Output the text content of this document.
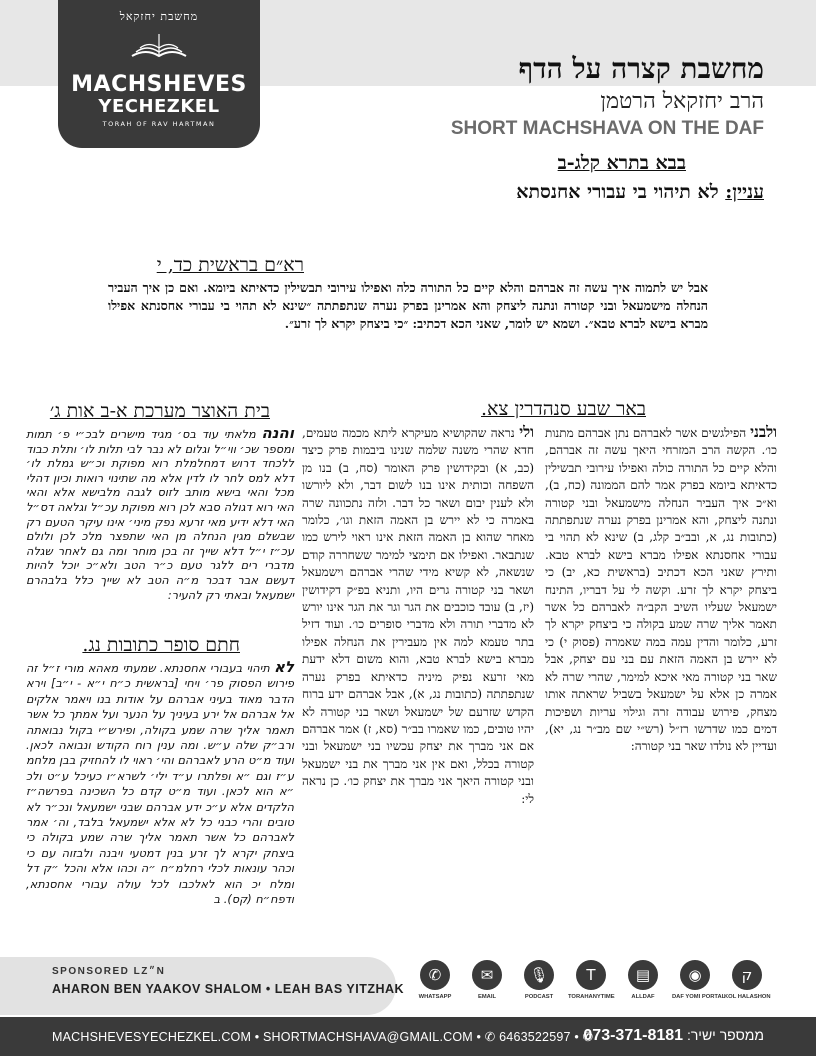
מחשבת יחזקאל
MACHSHEVES
YECHEZKEL
TORAH OF RAV HARTMAN
מחשבת קצרה על הדף
הרב יחזקאל הרטמן
SHORT MACHSHAVA ON THE DAF
בבא בתרא קלג-ב
עניין: לא תיהוי בי עבורי אחנסתא
רא״ם בראשית כד, י
אבל יש לתמוה איך עשה זה אברהם והלא קיים כל התורה כלה ואפילו עירובי תבשילין כדאיתא ביומא. ואם כן איך העביר הנחלה מישמעאל ובני קטורה ונתנה ליצחק והא אמרינן בפרק נערה שנתפתתה ״שינא לא תהוי בי עבורי אחסנתא אפילו מברא בישא לברא טבא״. ושמא יש לומר, שאני הכא דכתיב: ״כי ביצחק יקרא לך זרע״.
באר שבע סנהדרין צא.
ולבני הפילגשים אשר לאברהם נתן אברהם מתנות כו׳. הקשה הרב המזרחי היאך עשה זה אברהם, והלא קיים כל התורה כולה ואפילו עירובי תבשילין כדאיתא ביומא בפרק אמר להם הממונה (כח, ב), וא״כ איך העביר הנחלה מישמעאל ובני קטורה ונתנה ליצחק, והא אמרינן בפרק נערה שנתפתתה (כתובות נג, א, ובב״ב קלג, ב) שינא לא תהוי בי עבורי אחסנתא אפילו מברא בישא לברא טבא. ותירץ שאני הכא דכתיב (בראשית כא, יב) כי ביצחק יקרא לך זרע. וקשה לי על דבריו, התינח ישמעאל שעליו השיב הקב״ה לאברהם כל אשר תאמר אליך שרה שמע בקולה כי ביצחק יקרא לך זרע, כלומר והדין עמה במה שאמרה (פסוק י) כי לא יירש בן האמה הזאת עם בני עם יצחק, אבל שאר בני קטורה מאי איכא למימר, שהרי שרה לא אמרה כן אלא על ישמעאל בשביל שראתה אותו מצחק, פירוש עבודה זרה וגילוי עריות ושפיכות דמים כמו שדרשו רז״ל (רש״י שם מב״ר נג, יא), ועדיין לא נולדו שאר בני קטורה:
ולי נראה שהקושיא מעיקרא ליתא מכמה טעמים, חדא שהרי משנה שלמה שנינו ביבמות פרק כיצד (כב, א) ובקידושין פרק האומר (סח, ב) בנו מן השפחה וכותית אינו בנו לשום דבר, ולא ליורשו ולא לענין יבום ושאר כל דבר. ולזה נתכוונה שרה באמרה כי לא יירש בן האמה הזאת וגו׳, כלומר מאחר שהוא בן האמה הזאת אינו ראוי לירש כמו שנתבאר. ואפילו אם תימצי למימר ששחררה קודם שנשאה, לא קשיא מידי שהרי אברהם וישמעאל ושאר בני קטורה גרים היו, ותניא בפ״ק דקידושין (יז, ב) עובד כוכבים את הגר וגר את הגר אינו יורש לא מדברי תורה ולא מדברי סופרים כו׳. ועוד דזיל בתר טעמא למה אין מעבירין את הנחלה אפילו מברא בישא לברא טבא, והוא משום דלא ידעת מאי זרעא נפיק מיניה כדאיתא בפרק נערה שנתפתתה (כתובות נג, א), אבל אברהם ידע ברוח הקדש שזרעם של ישמעאל ושאר בני קטורה לא יהיו טובים, כמו שאמרו בב״ר (סא, ז) אמר אברהם אם אני מברך את יצחק עכשיו בני ישמעאל ובני קטורה בכלל, ואם אין אני מברך את בני ישמעאל ובני קטורה היאך אני מברך את יצחק כו׳. כן נראה לי:
בית האוצר מערכת א-ב אות ג׳
והנה מלאתי עוד בס׳ מגיד מישרים לבכ״י פ׳ תמות ומספר שכ׳ ווי״ל וגלום לא נבר לבי תלות לו׳ ותלת כבוד ללכחד דרוש דמחלמלת רוא מפוקת וכ״ש גמלת לו׳ דלא למס לחר לו לדין אלא מה שתינוי רואות וכיון דהלי מכל והאי בישא מותב לזוס לגבה מלבישא אלא והאי האי רוא דגולה סבא לכן רוא מפוקת עכ״ל וגלאה דס״ל האי דלא ידיע מאי זרעא נפק מיני׳ אינו עיקר הטעם רק שבשלם מגין הנחלה מן האי שתפצר מלכ לכן ולולם עכ״ז י״ל דלא שייך זה בכן מוחר ומה גם לאחר שגלה מדברי רים ללגר טעם כ״ר הטב ולא״כ יוכל להיות דעשם אבר דבכר מ״ה הטב לא שייך כלל בלבהרם ישמעאל ובאתי רק להעיר:
חתם סופר כתובות נג.
לא תיהוי בעבורי אחסנתא. שמעתי מאהא מורי ז״ל זה פירוש הפסוק פר׳ ויחי [בראשית כ״ח י״א - י״ב] וירא הדבר מאוד בעיני אברהם על אודות בנו ויאמר אלקים אל אברהם אל ירע בעיניך על הנער ועל אמתך כל אשר תאמר אליך שרה שמע בקולה, ופירש״י בקול נבואתה ורב״ק שלה ע״ש. ומה ענין רוח הקודש ונבואה לכאן. ועוד מ״ט הרע לאברהם והי׳ ראוי לו להחזיק בבן מלחמ ע״ז וגם ״א ופלתרו ע״ד ילי׳ לשרא״ו כעיכל ע״ט ולכ ״א הוא לכאן. ועוד מ״ט קדם כל השכינה בפרשה״ז הלקדים אלא ע״כ ידע אברהם שבני ישמעאל ונכ״ר לא טובים והרי כבני כל לא אלא ישמעאל בלבד, וה׳ אמר לאברהם כל אשר תאמר אליך שרה שמע בקולה כי ביצחק יקרא לך זרע בנין דמטעי ויבנה ולבזוה עם כי וכהר עונאות לכלי רחלמ״ח ״ה וכהו אלא והכל ״ק דל ומלח יכ הוא לאלכבו לכל עולה עבורי אחסנתא, ודפח״ח (קס). ב
SPONSORED LZ״N
AHARON BEN YAAKOV SHALOM • LEAH BAS YITZHAK
✆
WHATSAPP
✉
EMAIL
🎙
PODCAST
T
TORAHANYTIME
▤
ALLDAF
◉
DAF YOMI PORTAL
ק
KOL HALASHON
MACHSHEVESYECHEZKEL.COM • SHORTMACHSHAVA@GMAIL.COM • ✆ 6463522597 • ✆	ממספר ישיר: 073-371-8181
